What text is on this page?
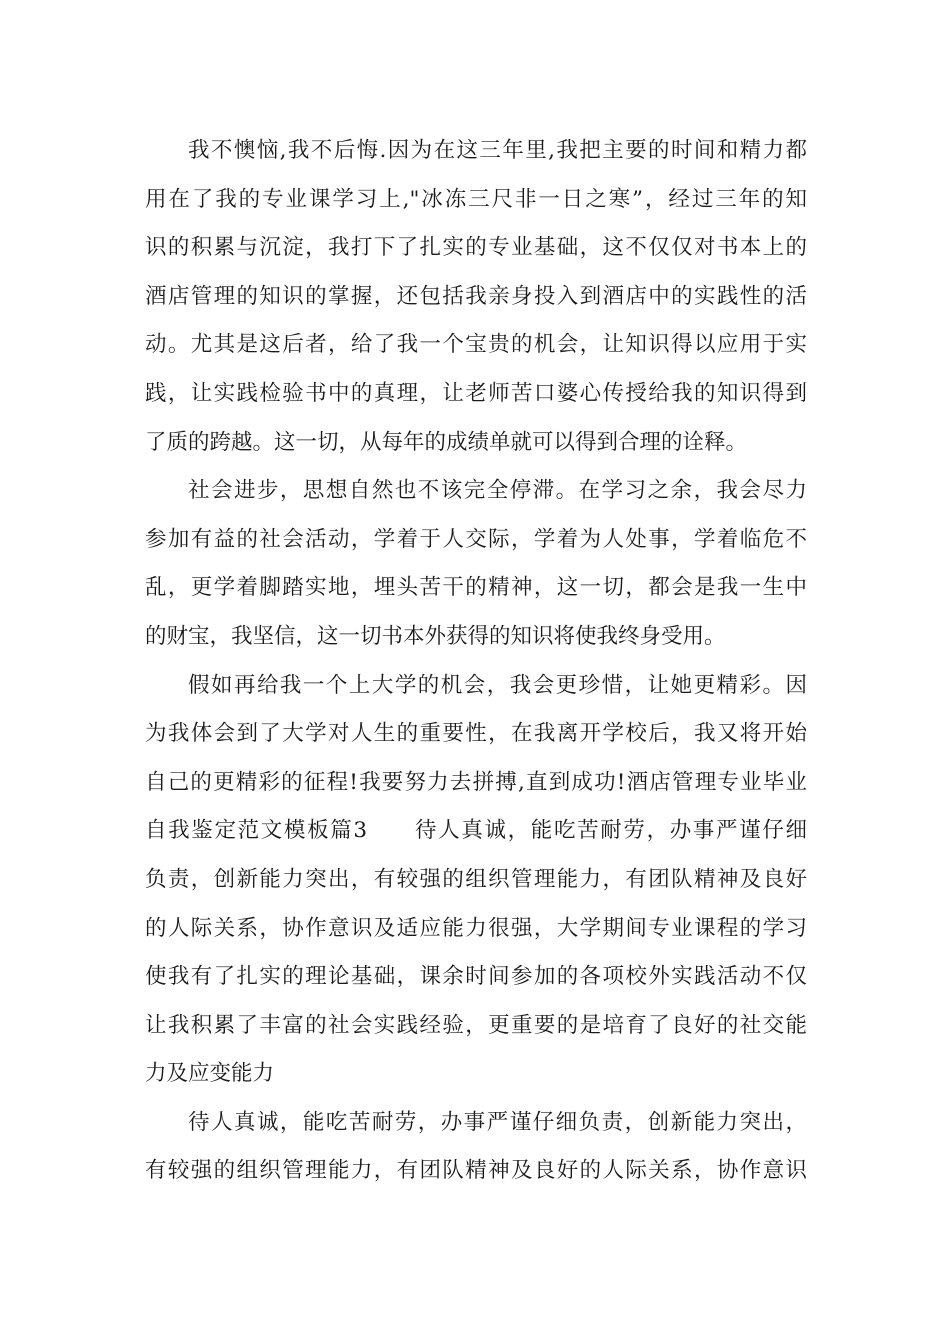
我不懊恼,我不后悔.因为在这三年里,我把主要的时间和精力都
用在了我的专业课学习上,"冰冻三尺非一日之寒”，经过三年的知
识的积累与沉淀，我打下了扎实的专业基础，这不仅仅对书本上的
酒店管理的知识的掌握，还包括我亲身投入到酒店中的实践性的活
动。尤其是这后者，给了我一个宝贵的机会，让知识得以应用于实
践，让实践检验书中的真理，让老师苦口婆心传授给我的知识得到
了质的跨越。这一切，从每年的成绩单就可以得到合理的诠释。
社会进步，思想自然也不该完全停滞。在学习之余，我会尽力
参加有益的社会活动，学着于人交际，学着为人处事，学着临危不
乱，更学着脚踏实地，埋头苦干的精神，这一切，都会是我一生中
的财宝，我坚信，这一切书本外获得的知识将使我终身受用。
假如再给我一个上大学的机会，我会更珍惜，让她更精彩。因
为我体会到了大学对人生的重要性，在我离开学校后，我又将开始
自己的更精彩的征程!我要努力去拼搏,直到成功!酒店管理专业毕业
自我鉴定范文模板篇3　　待人真诚，能吃苦耐劳，办事严谨仔细
负责，创新能力突出，有较强的组织管理能力，有团队精神及良好
的人际关系，协作意识及适应能力很强，大学期间专业课程的学习
使我有了扎实的理论基础，课余时间参加的各项校外实践活动不仅
让我积累了丰富的社会实践经验，更重要的是培育了良好的社交能
力及应变能力
待人真诚，能吃苦耐劳，办事严谨仔细负责，创新能力突出，
有较强的组织管理能力，有团队精神及良好的人际关系，协作意识
